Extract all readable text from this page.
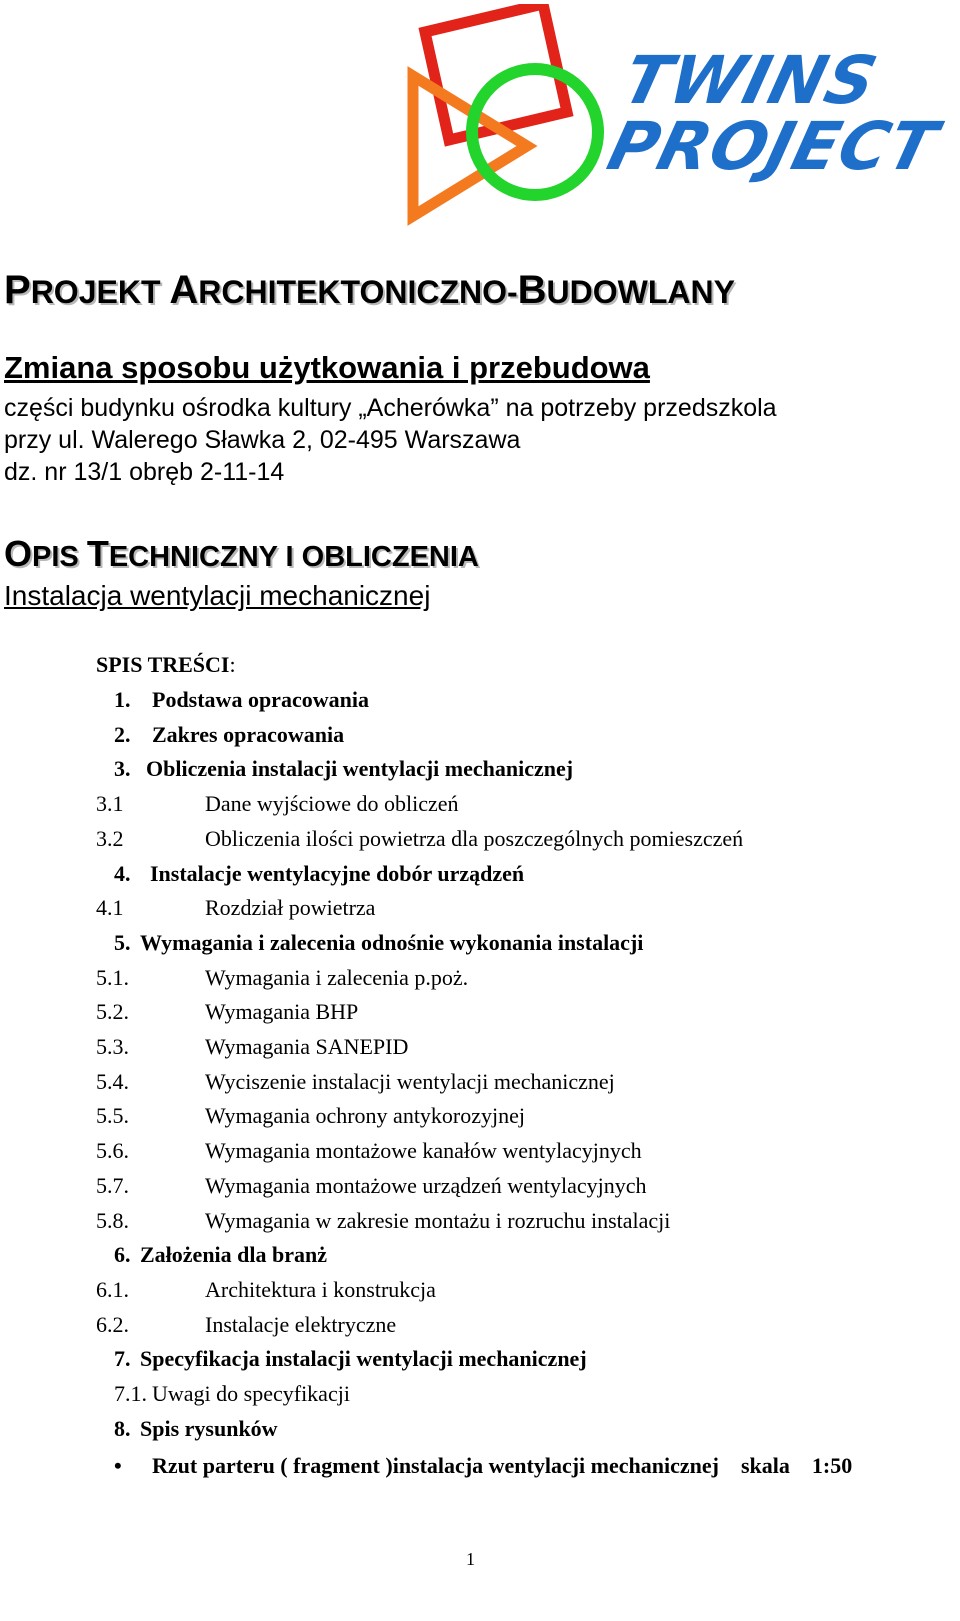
TWINS
PROJECT
PROJEKT ARCHITEKTONICZNO-BUDOWLANY
Zmiana sposobu użytkowania i przebudowa
części budynku ośrodka kultury „Acherówka” na potrzeby przedszkola
przy ul. Walerego Sławka 2, 02-495 Warszawa
dz. nr 13/1 obręb 2-11-14
OPIS TECHNICZNY I OBLICZENIA
Instalacja wentylacji mechanicznej
SPIS TREŚCI:
1. Podstawa opracowania
2. Zakres opracowania
3. Obliczenia instalacji wentylacji mechanicznej
3.1	Dane wyjściowe do obliczeń
3.2	Obliczenia ilości powietrza dla poszczególnych pomieszczeń
4. Instalacje wentylacyjne dobór urządzeń
4.1	Rozdział powietrza
5. Wymagania i zalecenia odnośnie wykonania instalacji
5.1.	Wymagania i zalecenia p.poż.
5.2.	Wymagania BHP
5.3.	Wymagania SANEPID
5.4.	Wyciszenie instalacji wentylacji mechanicznej
5.5.	Wymagania ochrony antykorozyjnej
5.6.	Wymagania montażowe kanałów wentylacyjnych
5.7.	Wymagania montażowe urządzeń wentylacyjnych
5.8.	Wymagania w zakresie montażu i rozruchu instalacji
6. Założenia dla branż
6.1.	Architektura i konstrukcja
6.2.	Instalacje elektryczne
7. Specyfikacja instalacji wentylacji mechanicznej
7.1. Uwagi do specyfikacji
8. Spis rysunków
• Rzut parteru ( fragment )instalacja wentylacji mechanicznej skala 1:50
1
